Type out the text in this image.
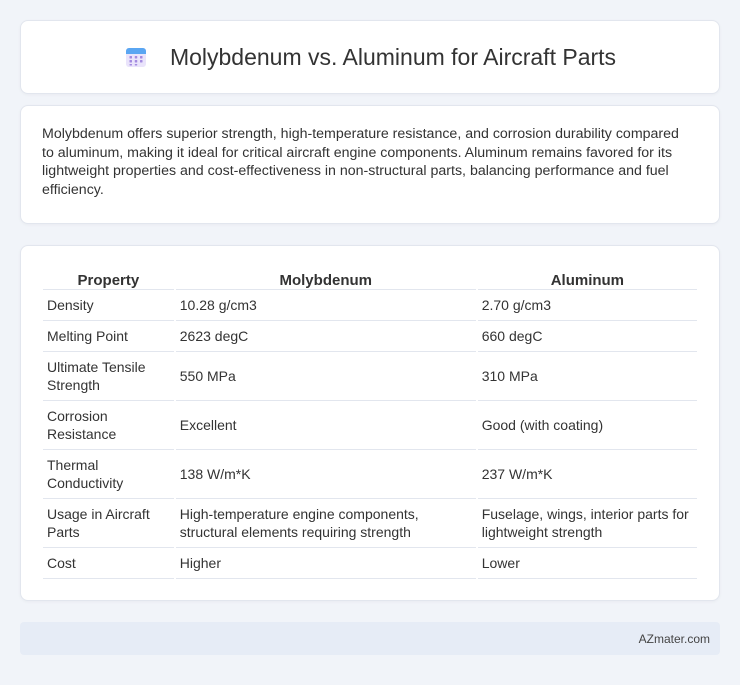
Molybdenum vs. Aluminum for Aircraft Parts

Molybdenum offers superior strength, high-temperature resistance, and corrosion durability compared to aluminum, making it ideal for critical aircraft engine components. Aluminum remains favored for its lightweight properties and cost-effectiveness in non-structural parts, balancing performance and fuel efficiency.

Property	Molybdenum	Aluminum
Density	10.28 g/cm3	2.70 g/cm3
Melting Point	2623 degC	660 degC
Ultimate Tensile Strength	550 MPa	310 MPa
Corrosion Resistance	Excellent	Good (with coating)
Thermal Conductivity	138 W/m*K	237 W/m*K
Usage in Aircraft Parts	High-temperature engine components, structural elements requiring strength	Fuselage, wings, interior parts for lightweight strength
Cost	Higher	Lower
AZmater.com
